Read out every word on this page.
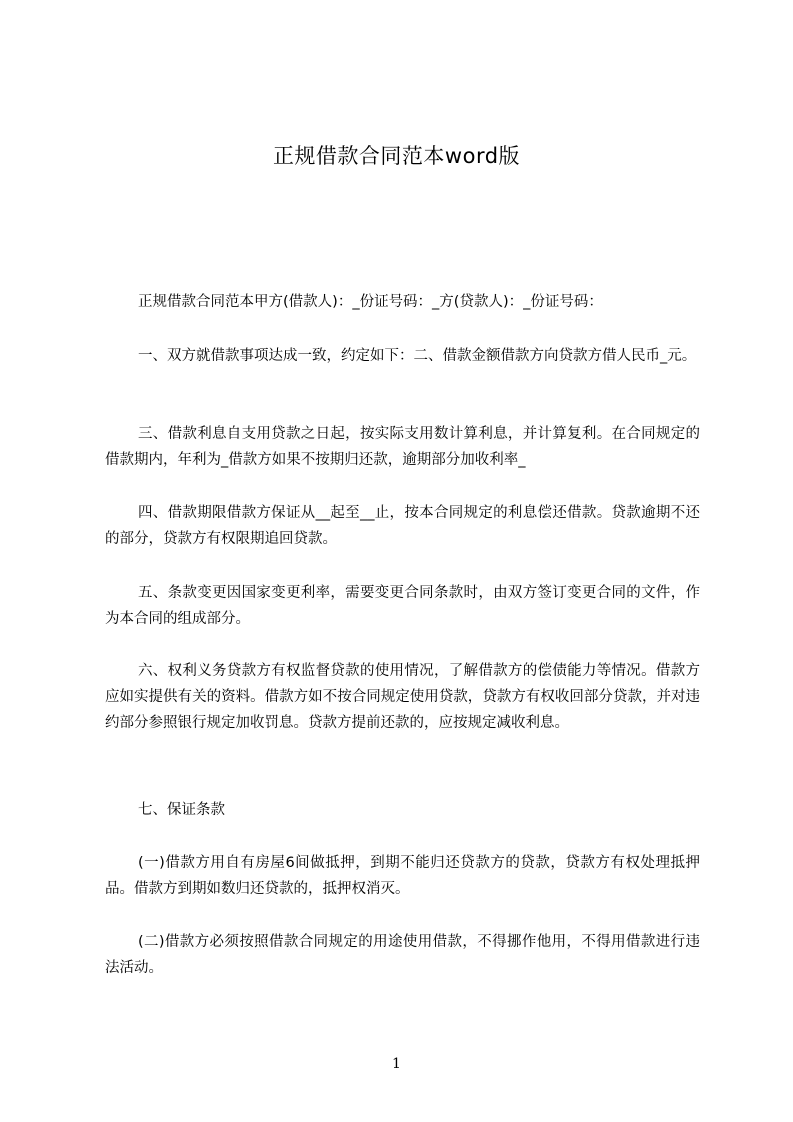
正规借款合同范本word版

正规借款合同范本甲方(借款人)：_份证号码：_方(贷款人)：_份证号码：

一、双方就借款事项达成一致，约定如下：二、借款金额借款方向贷款方借人民币_元。

三、借款利息自支用贷款之日起，按实际支用数计算利息，并计算复利。在合同规定的借款期内，年利为_借款方如果不按期归还款，逾期部分加收利率_

四、借款期限借款方保证从__起至__止，按本合同规定的利息偿还借款。贷款逾期不还的部分，贷款方有权限期追回贷款。

五、条款变更因国家变更利率，需要变更合同条款时，由双方签订变更合同的文件，作为本合同的组成部分。

六、权利义务贷款方有权监督贷款的使用情况，了解借款方的偿债能力等情况。借款方应如实提供有关的资料。借款方如不按合同规定使用贷款，贷款方有权收回部分贷款，并对违约部分参照银行规定加收罚息。贷款方提前还款的，应按规定减收利息。

七、保证条款

(一)借款方用自有房屋6间做抵押，到期不能归还贷款方的贷款，贷款方有权处理抵押品。借款方到期如数归还贷款的，抵押权消灭。

(二)借款方必须按照借款合同规定的用途使用借款，不得挪作他用，不得用借款进行违法活动。

1
